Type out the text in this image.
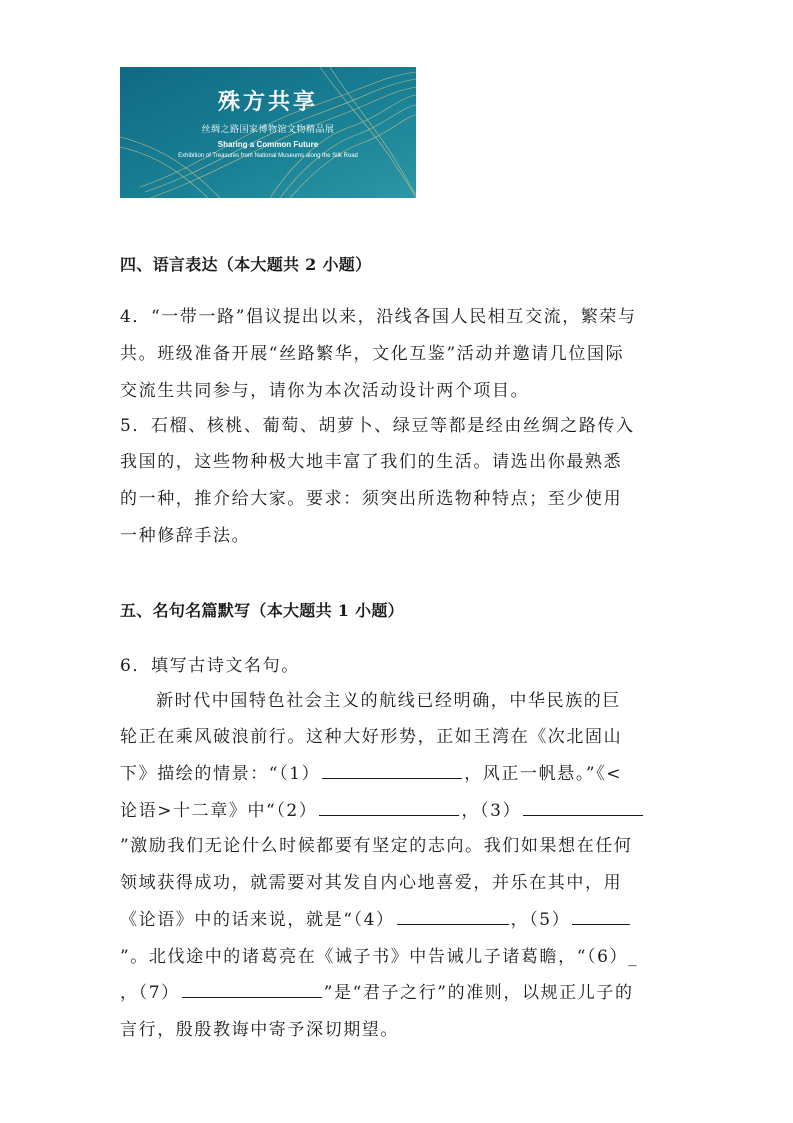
殊方共享
丝绸之路国家博物馆文物精品展
Sharing a Common Future
Exhibition of Treasures from National Museums along the Silk Road
四、语言表达（本大题共 2 小题）
4．“一带一路”倡议提出以来，沿线各国人民相互交流，繁荣与
共。班级准备开展“丝路繁华，文化互鉴”活动并邀请几位国际
交流生共同参与，请你为本次活动设计两个项目。
5．石榴、核桃、葡萄、胡萝卜、绿豆等都是经由丝绸之路传入
我国的，这些物种极大地丰富了我们的生活。请选出你最熟悉
的一种，推介给大家。要求：须突出所选物种特点；至少使用
一种修辞手法。
五、名句名篇默写（本大题共 1 小题）
6．填写古诗文名句。
新时代中国特色社会主义的航线已经明确，中华民族的巨
轮正在乘风破浪前行。这种大好形势，正如王湾在《次北固山
下》描绘的情景：“（1）	，风正一帆悬。”《<
论语>十二章》中“（2）	，（3）
”激励我们无论什么时候都要有坚定的志向。我们如果想在任何
领域获得成功，就需要对其发自内心地喜爱，并乐在其中，用
《论语》中的话来说，就是“（4）	，（5）
”。北伐途中的诸葛亮在《诫子书》中告诫儿子诸葛瞻，“（6）_
，（7）	”是“君子之行”的准则，以规正儿子的
言行，殷殷教诲中寄予深切期望。
